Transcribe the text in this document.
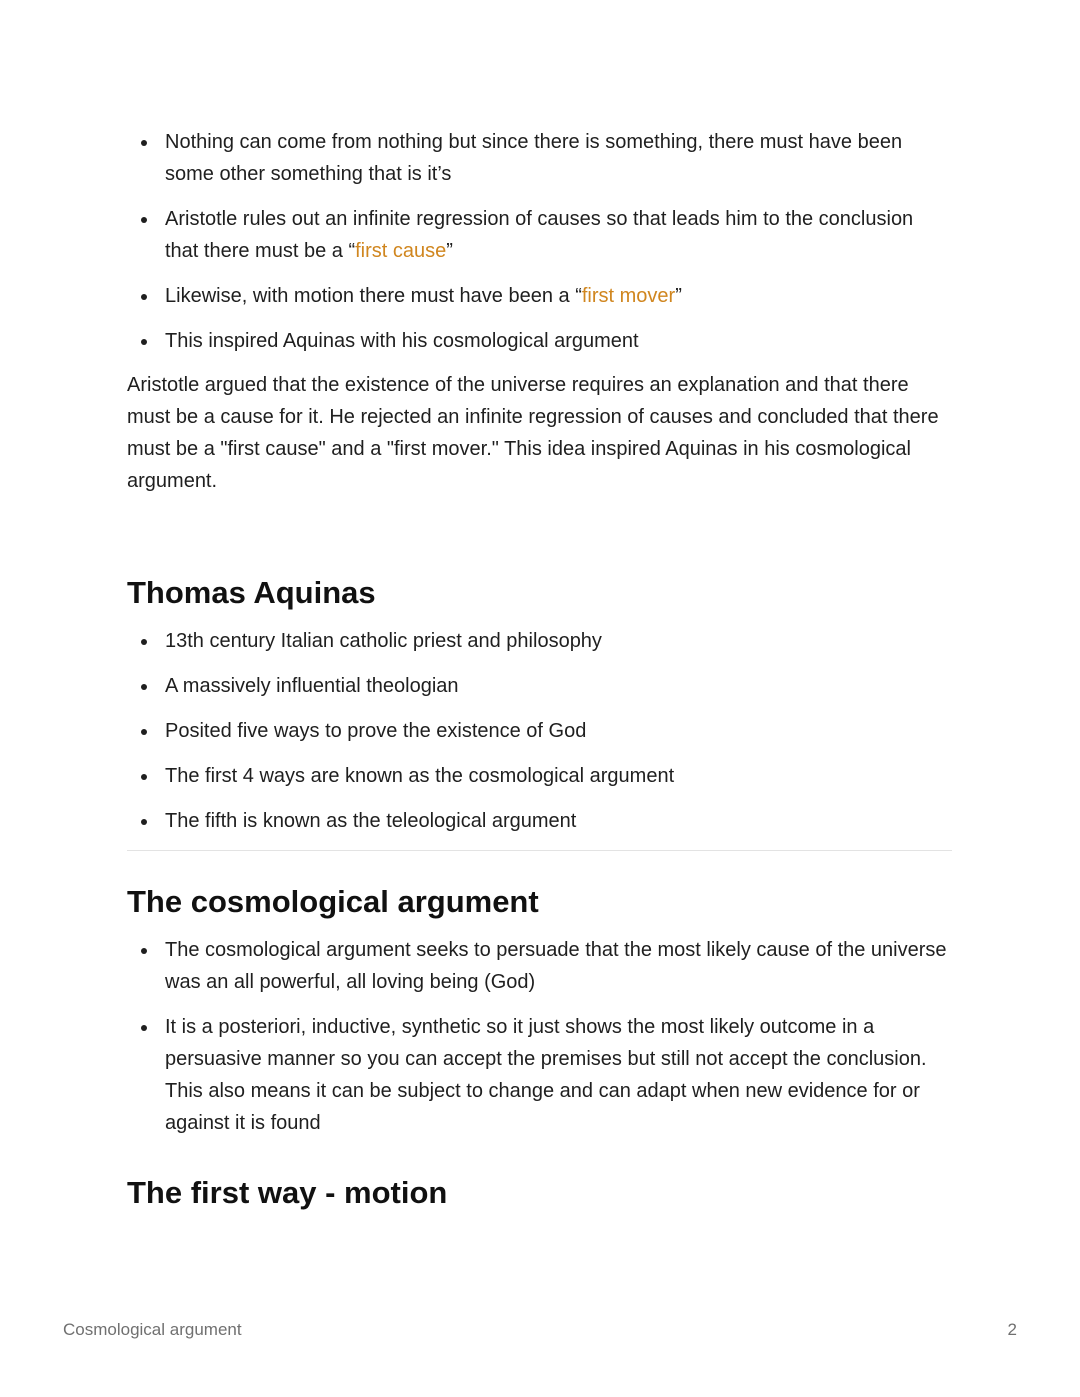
Nothing can come from nothing but since there is something, there must have been some other something that is it’s
Aristotle rules out an infinite regression of causes so that leads him to the conclusion that there must be a “first cause”
Likewise, with motion there must have been a “first mover”
This inspired Aquinas with his cosmological argument

Aristotle argued that the existence of the universe requires an explanation and that there must be a cause for it. He rejected an infinite regression of causes and concluded that there must be a "first cause" and a "first mover." This idea inspired Aquinas in his cosmological argument.

Thomas Aquinas
13th century Italian catholic priest and philosophy
A massively influential theologian
Posited five ways to prove the existence of God
The first 4 ways are known as the cosmological argument
The fifth is known as the teleological argument
The cosmological argument
The cosmological argument seeks to persuade that the most likely cause of the universe was an all powerful, all loving being (God)
It is a posteriori, inductive, synthetic so it just shows the most likely outcome in a persuasive manner so you can accept the premises but still not accept the conclusion. This also means it can be subject to change and can adapt when new evidence for or against it is found
The first way - motion
Cosmological argument	2
